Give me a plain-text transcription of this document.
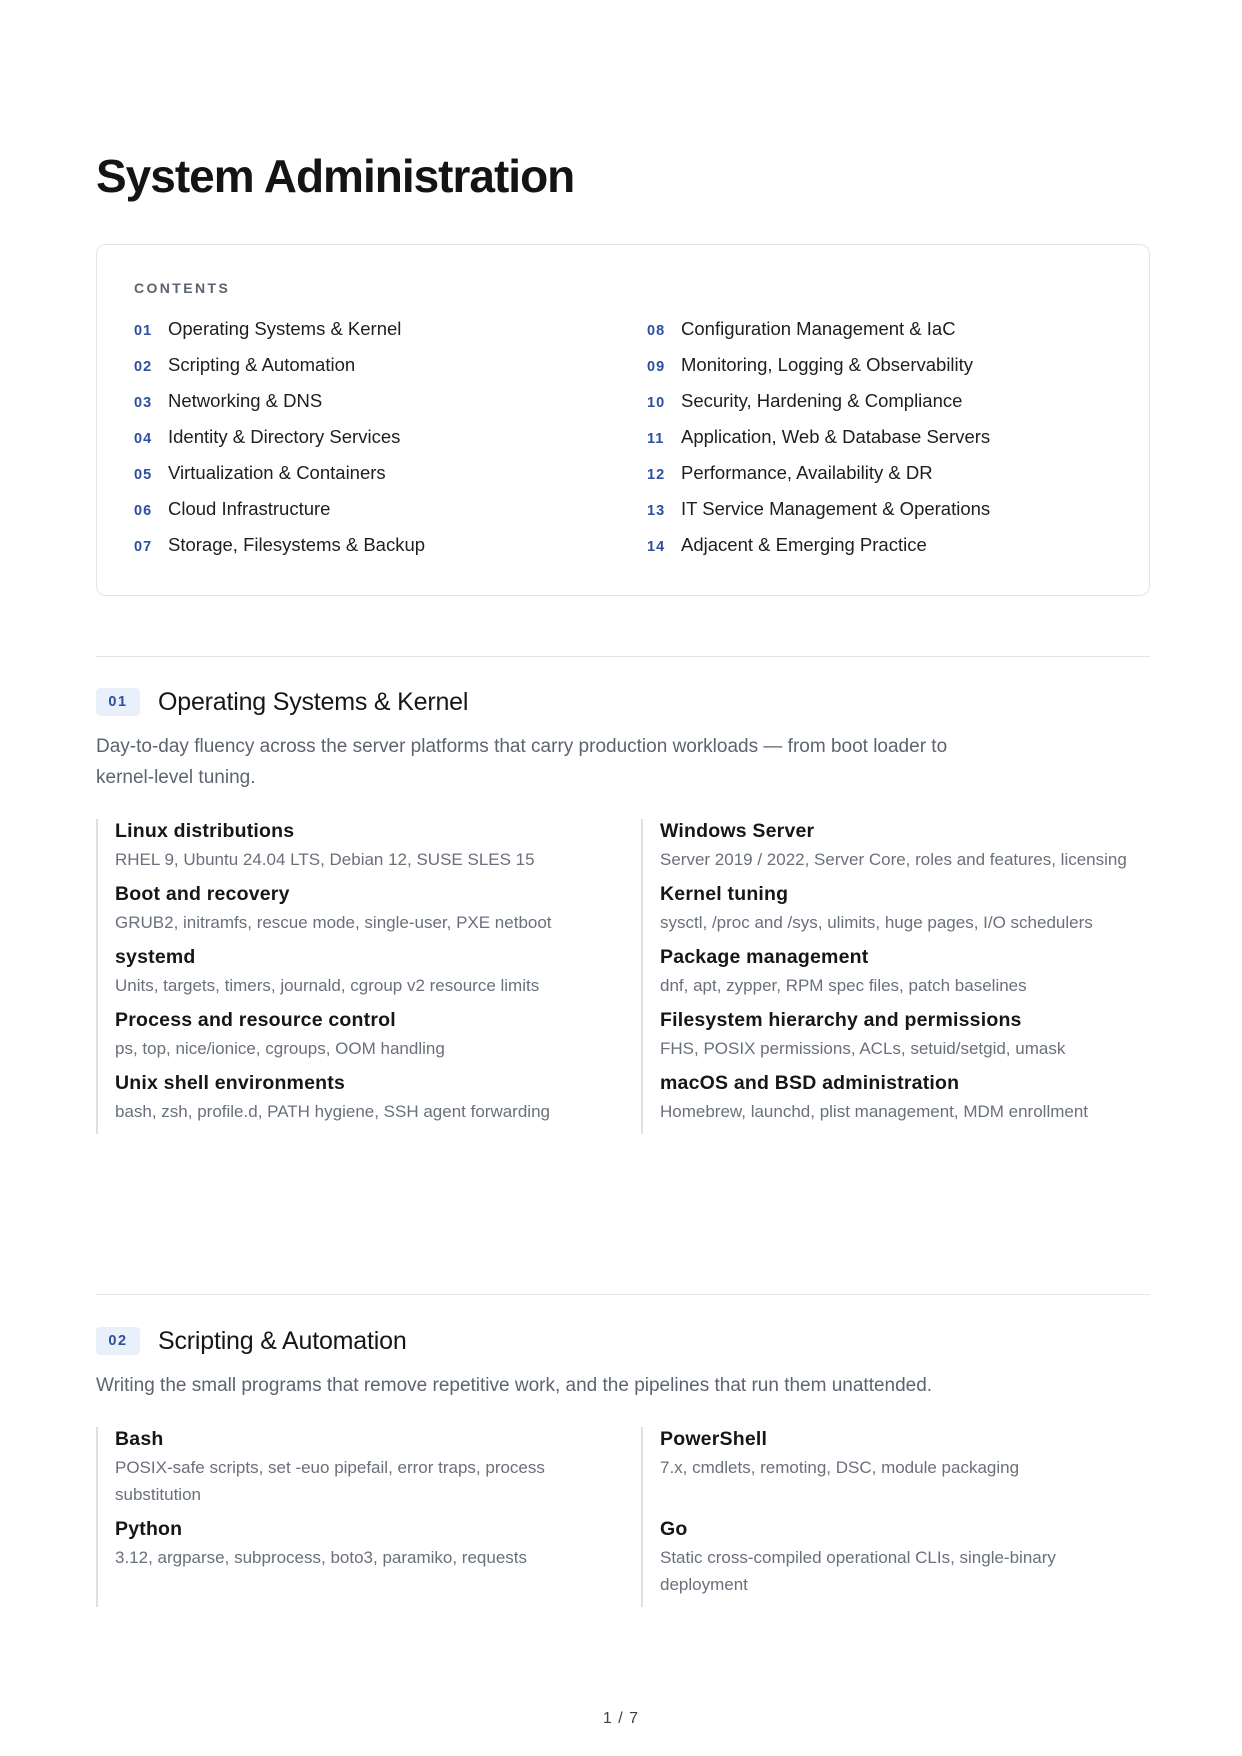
System Administration
CONTENTS
01 Operating Systems & Kernel
02 Scripting & Automation
03 Networking & DNS
04 Identity & Directory Services
05 Virtualization & Containers
06 Cloud Infrastructure
07 Storage, Filesystems & Backup
08 Configuration Management & IaC
09 Monitoring, Logging & Observability
10 Security, Hardening & Compliance
11 Application, Web & Database Servers
12 Performance, Availability & DR
13 IT Service Management & Operations
14 Adjacent & Emerging Practice
01	Operating Systems & Kernel

Day-to-day fluency across the server platforms that carry production workloads — from boot loader to kernel-level tuning.

Linux distributions
RHEL 9, Ubuntu 24.04 LTS, Debian 12, SUSE SLES 15
Windows Server
Server 2019 / 2022, Server Core, roles and features, licensing
Boot and recovery
GRUB2, initramfs, rescue mode, single-user, PXE netboot
Kernel tuning
sysctl, /proc and /sys, ulimits, huge pages, I/O schedulers
systemd
Units, targets, timers, journald, cgroup v2 resource limits
Package management
dnf, apt, zypper, RPM spec files, patch baselines
Process and resource control
ps, top, nice/ionice, cgroups, OOM handling
Filesystem hierarchy and permissions
FHS, POSIX permissions, ACLs, setuid/setgid, umask
Unix shell environments
bash, zsh, profile.d, PATH hygiene, SSH agent forwarding
macOS and BSD administration
Homebrew, launchd, plist management, MDM enrollment
02	Scripting & Automation

Writing the small programs that remove repetitive work, and the pipelines that run them unattended.

Bash
POSIX-safe scripts, set -euo pipefail, error traps, process substitution
PowerShell
7.x, cmdlets, remoting, DSC, module packaging
Python
3.12, argparse, subprocess, boto3, paramiko, requests
Go
Static cross-compiled operational CLIs, single-binary deployment
1 / 7
